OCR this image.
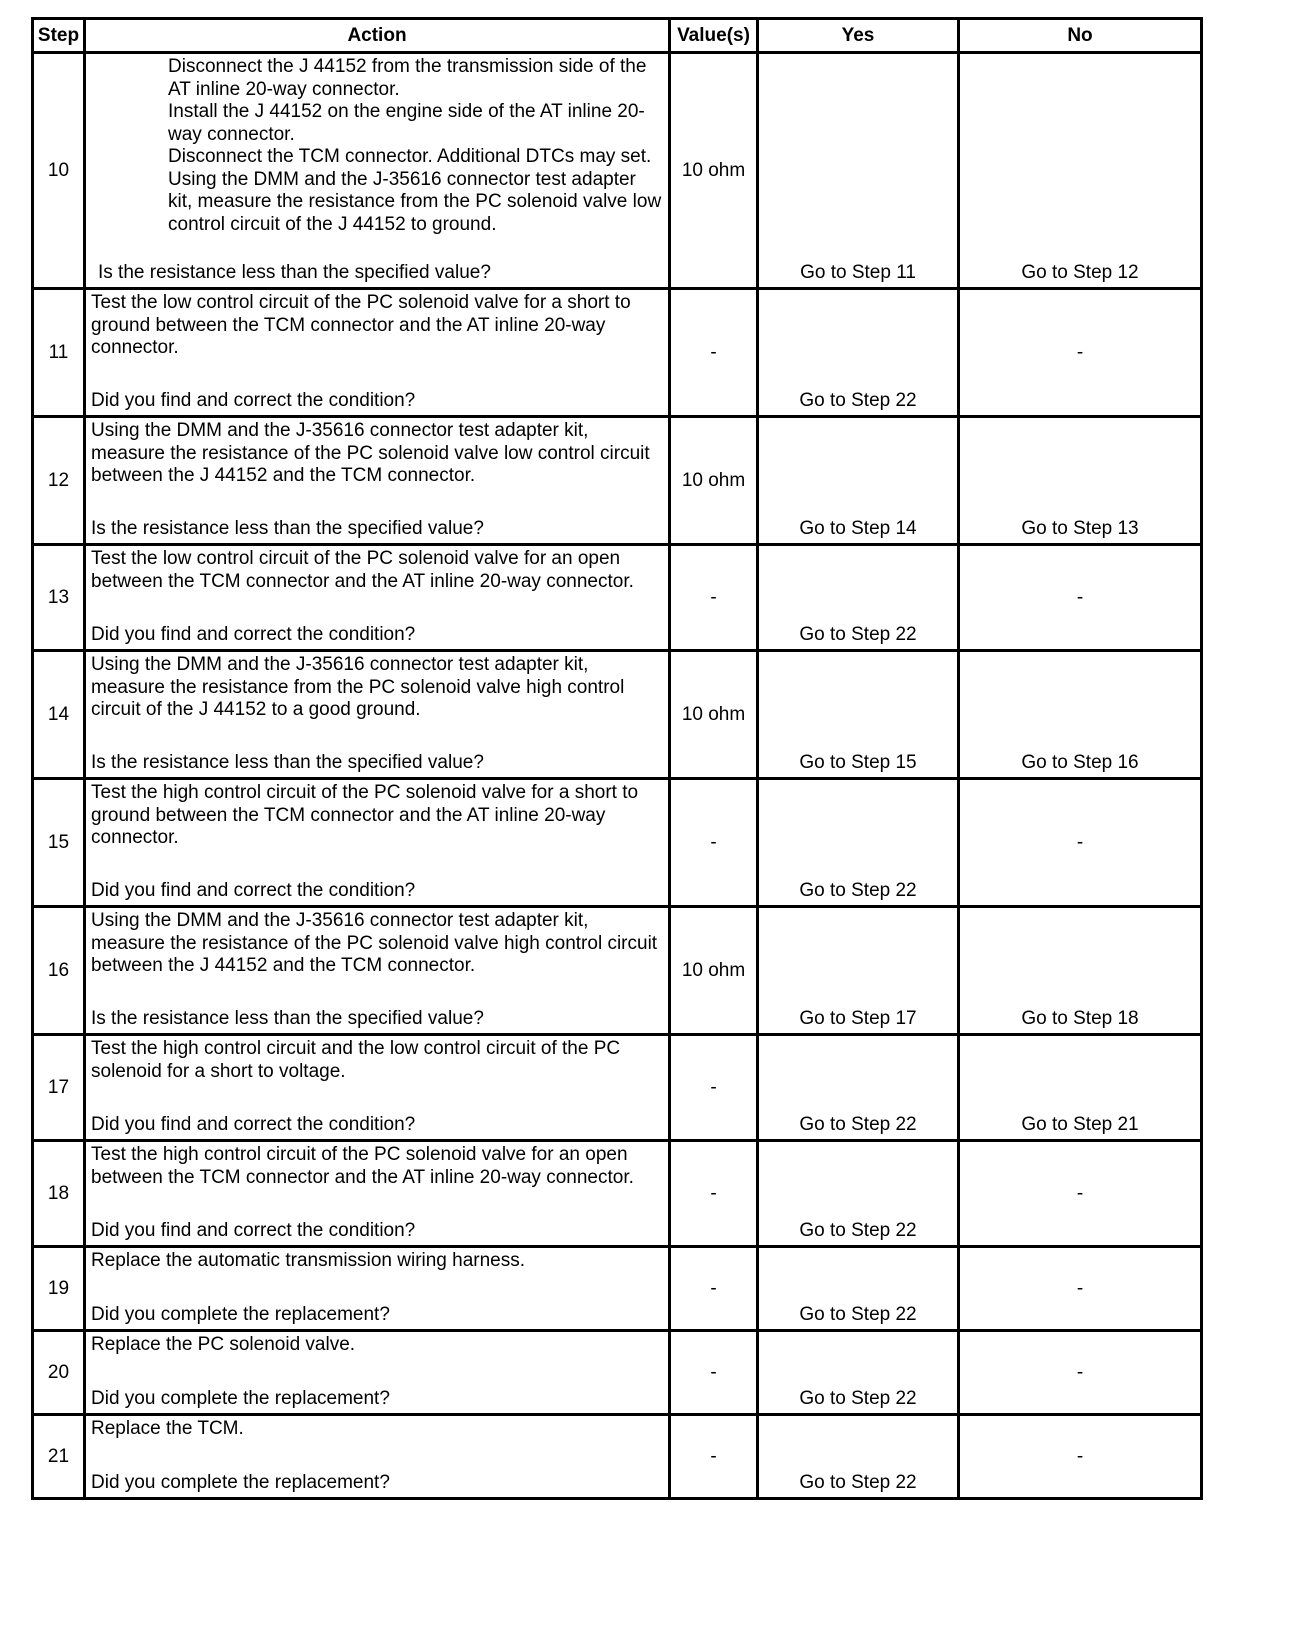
Step	Action	Value(s)	Yes	No
10	Disconnect the J 44152 from the transmission side of the AT inline 20-way connector.
Install the J 44152 on the engine side of the AT inline 20-way connector.
Disconnect the TCM connector. Additional DTCs may set.
Using the DMM and the J-35616 connector test adapter kit, measure the resistance from the PC solenoid valve low control circuit of the J 44152 to ground.
Is the resistance less than the specified value?	10 ohm	Go to Step 11	Go to Step 12

11	Test the low control circuit of the PC solenoid valve for a short to ground between the TCM connector and the AT inline 20-way connector.
Did you find and correct the condition?	-	Go to Step 22	-

12	Using the DMM and the J-35616 connector test adapter kit, measure the resistance of the PC solenoid valve low control circuit between the J 44152 and the TCM connector.
Is the resistance less than the specified value?	10 ohm	Go to Step 14	Go to Step 13

13	Test the low control circuit of the PC solenoid valve for an open between the TCM connector and the AT inline 20-way connector.
Did you find and correct the condition?	-	Go to Step 22	-

14	Using the DMM and the J-35616 connector test adapter kit, measure the resistance from the PC solenoid valve high control circuit of the J 44152 to a good ground.
Is the resistance less than the specified value?	10 ohm	Go to Step 15	Go to Step 16

15	Test the high control circuit of the PC solenoid valve for a short to ground between the TCM connector and the AT inline 20-way connector.
Did you find and correct the condition?	-	Go to Step 22	-

16	Using the DMM and the J-35616 connector test adapter kit, measure the resistance of the PC solenoid valve high control circuit between the J 44152 and the TCM connector.
Is the resistance less than the specified value?	10 ohm	Go to Step 17	Go to Step 18

17	Test the high control circuit and the low control circuit of the PC solenoid for a short to voltage.
Did you find and correct the condition?	-	Go to Step 22	Go to Step 21

18	Test the high control circuit of the PC solenoid valve for an open between the TCM connector and the AT inline 20-way connector.
Did you find and correct the condition?	-	Go to Step 22	-

19	Replace the automatic transmission wiring harness.
Did you complete the replacement?	-	Go to Step 22	-

20	Replace the PC solenoid valve.
Did you complete the replacement?	-	Go to Step 22	-

21	Replace the TCM.
Did you complete the replacement?	-	Go to Step 22	-
